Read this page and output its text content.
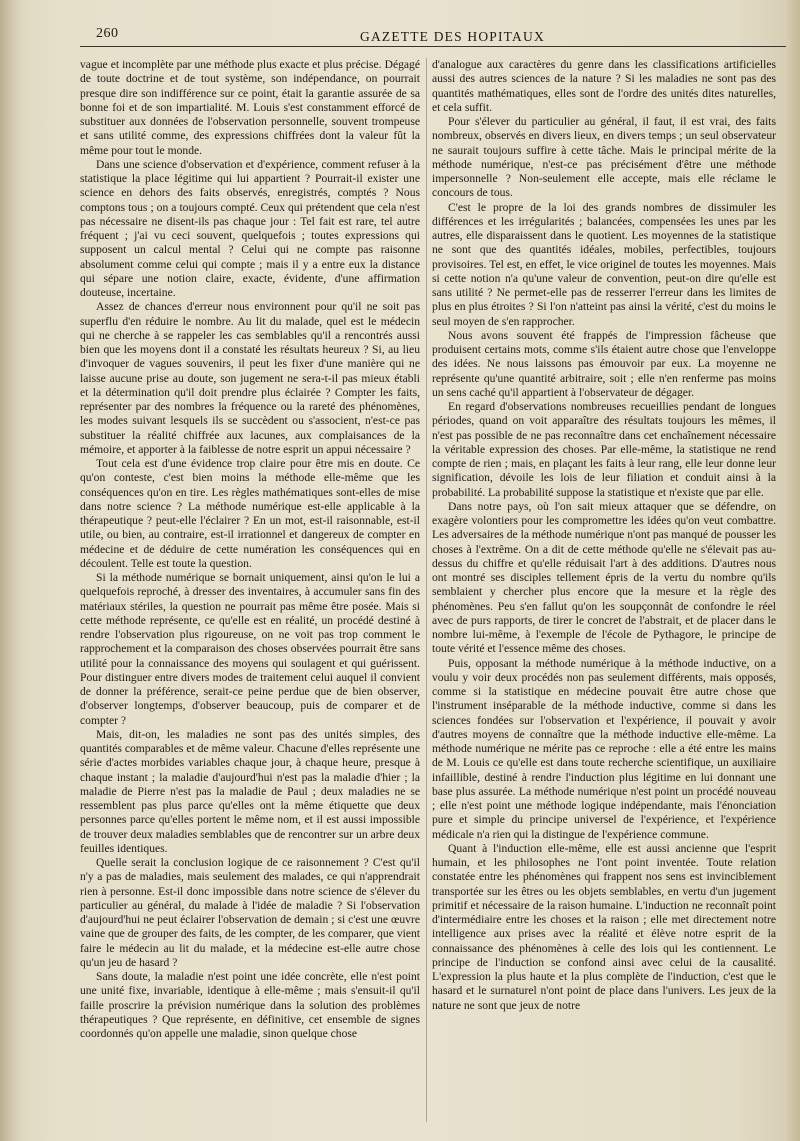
260	GAZETTE DES HOPITAUX

vague et incomplète par une méthode plus exacte et plus précise. Dégagé de toute doctrine et de tout système, son indépendance, on pourrait presque dire son indifférence sur ce point, était la garantie assurée de sa bonne foi et de son impartialité. M. Louis s'est constamment efforcé de substituer aux données de l'observation personnelle, souvent trompeuse et sans utilité comme, des expressions chiffrées dont la valeur fût la même pour tout le monde.

Dans une science d'observation et d'expérience, comment refuser à la statistique la place légitime qui lui appartient ? Pourrait-il exister une science en dehors des faits observés, enregistrés, comptés ? Nous comptons tous ; on a toujours compté. Ceux qui prétendent que cela n'est pas nécessaire ne disent-ils pas chaque jour : Tel fait est rare, tel autre fréquent ; j'ai vu ceci souvent, quelquefois ; toutes expressions qui supposent un calcul mental ? Celui qui ne compte pas raisonne absolument comme celui qui compte ; mais il y a entre eux la distance qui sépare une notion claire, exacte, évidente, d'une affirmation douteuse, incertaine.

Assez de chances d'erreur nous environnent pour qu'il ne soit pas superflu d'en réduire le nombre. Au lit du malade, quel est le médecin qui ne cherche à se rappeler les cas semblables qu'il a rencontrés aussi bien que les moyens dont il a constaté les résultats heureux ? Si, au lieu d'invoquer de vagues souvenirs, il peut les fixer d'une manière qui ne laisse aucune prise au doute, son jugement ne sera-t-il pas mieux établi et la détermination qu'il doit prendre plus éclairée ? Compter les faits, représenter par des nombres la fréquence ou la rareté des phénomènes, les modes suivant lesquels ils se succèdent ou s'associent, n'est-ce pas substituer la réalité chiffrée aux lacunes, aux complaisances de la mémoire, et apporter à la faiblesse de notre esprit un appui nécessaire ?

Tout cela est d'une évidence trop claire pour être mis en doute. Ce qu'on conteste, c'est bien moins la méthode elle-même que les conséquences qu'on en tire. Les règles mathématiques sont-elles de mise dans notre science ? La méthode numérique est-elle applicable à la thérapeutique ? peut-elle l'éclairer ? En un mot, est-il raisonnable, est-il utile, ou bien, au contraire, est-il irrationnel et dangereux de compter en médecine et de déduire de cette numération les conséquences qui en découlent. Telle est toute la question.

Si la méthode numérique se bornait uniquement, ainsi qu'on le lui a quelquefois reproché, à dresser des inventaires, à accumuler sans fin des matériaux stériles, la question ne pourrait pas même être posée. Mais si cette méthode représente, ce qu'elle est en réalité, un procédé destiné à rendre l'observation plus rigoureuse, on ne voit pas trop comment le rapprochement et la comparaison des choses observées pourrait être sans utilité pour la connaissance des moyens qui soulagent et qui guérissent. Pour distinguer entre divers modes de traitement celui auquel il convient de donner la préférence, serait-ce peine perdue que de bien observer, d'observer longtemps, d'observer beaucoup, puis de comparer et de compter ?

Mais, dit-on, les maladies ne sont pas des unités simples, des quantités comparables et de même valeur. Chacune d'elles représente une série d'actes morbides variables chaque jour, à chaque heure, presque à chaque instant ; la maladie d'aujourd'hui n'est pas la maladie d'hier ; la maladie de Pierre n'est pas la maladie de Paul ; deux maladies ne se ressemblent pas plus parce qu'elles ont la même étiquette que deux personnes parce qu'elles portent le même nom, et il est aussi impossible de trouver deux maladies semblables que de rencontrer sur un arbre deux feuilles identiques.

Quelle serait la conclusion logique de ce raisonnement ? C'est qu'il n'y a pas de maladies, mais seulement des malades, ce qui n'apprendrait rien à personne. Est-il donc impossible dans notre science de s'élever du particulier au général, du malade à l'idée de maladie ? Si l'observation d'aujourd'hui ne peut éclairer l'observation de demain ; si c'est une œuvre vaine que de grouper des faits, de les compter, de les comparer, que vient faire le médecin au lit du malade, et la médecine est-elle autre chose qu'un jeu de hasard ?

Sans doute, la maladie n'est point une idée concrète, elle n'est point une unité fixe, invariable, identique à elle-même ; mais s'ensuit-il qu'il faille proscrire la prévision numérique dans la solution des problèmes thérapeutiques ? Que représente, en définitive, cet ensemble de signes coordonnés qu'on appelle une maladie, sinon quelque chose

d'analogue aux caractères du genre dans les classifications artificielles aussi des autres sciences de la nature ? Si les maladies ne sont pas des quantités mathématiques, elles sont de l'ordre des unités dites naturelles, et cela suffit.

Pour s'élever du particulier au général, il faut, il est vrai, des faits nombreux, observés en divers lieux, en divers temps ; un seul observateur ne saurait toujours suffire à cette tâche. Mais le principal mérite de la méthode numérique, n'est-ce pas précisément d'être une méthode impersonnelle ? Non-seulement elle accepte, mais elle réclame le concours de tous.

C'est le propre de la loi des grands nombres de dissimuler les différences et les irrégularités ; balancées, compensées les unes par les autres, elle disparaissent dans le quotient. Les moyennes de la statistique ne sont que des quantités idéales, mobiles, perfectibles, toujours provisoires. Tel est, en effet, le vice originel de toutes les moyennes. Mais si cette notion n'a qu'une valeur de convention, peut-on dire qu'elle est sans utilité ? Ne permet-elle pas de resserrer l'erreur dans les limites de plus en plus étroites ? Si l'on n'atteint pas ainsi la vérité, c'est du moins le seul moyen de s'en rapprocher.

Nous avons souvent été frappés de l'impression fâcheuse que produisent certains mots, comme s'ils étaient autre chose que l'enveloppe des idées. Ne nous laissons pas émouvoir par eux. La moyenne ne représente qu'une quantité arbitraire, soit ; elle n'en renferme pas moins un sens caché qu'il appartient à l'observateur de dégager.

En regard d'observations nombreuses recueillies pendant de longues périodes, quand on voit apparaître des résultats toujours les mêmes, il n'est pas possible de ne pas reconnaître dans cet enchaînement nécessaire la véritable expression des choses. Par elle-même, la statistique ne rend compte de rien ; mais, en plaçant les faits à leur rang, elle leur donne leur signification, dévoile les lois de leur filiation et conduit ainsi à la probabilité. La probabilité suppose la statistique et n'existe que par elle.

Dans notre pays, où l'on sait mieux attaquer que se défendre, on exagère volontiers pour les compromettre les idées qu'on veut combattre. Les adversaires de la méthode numérique n'ont pas manqué de pousser les choses à l'extrême. On a dit de cette méthode qu'elle ne s'élevait pas au-dessus du chiffre et qu'elle réduisait l'art à des additions. D'autres nous ont montré ses disciples tellement épris de la vertu du nombre qu'ils semblaient y chercher plus encore que la mesure et la règle des phénomènes. Peu s'en fallut qu'on les soupçonnât de confondre le réel avec de purs rapports, de tirer le concret de l'abstrait, et de placer dans le nombre lui-même, à l'exemple de l'école de Pythagore, le principe de toute vérité et l'essence même des choses.

Puis, opposant la méthode numérique à la méthode inductive, on a voulu y voir deux procédés non pas seulement différents, mais opposés, comme si la statistique en médecine pouvait être autre chose que l'instrument inséparable de la méthode inductive, comme si dans les sciences fondées sur l'observation et l'expérience, il pouvait y avoir d'autres moyens de connaître que la méthode inductive elle-même. La méthode numérique ne mérite pas ce reproche : elle a été entre les mains de M. Louis ce qu'elle est dans toute recherche scientifique, un auxiliaire infaillible, destiné à rendre l'induction plus légitime en lui donnant une base plus assurée. La méthode numérique n'est point un procédé nouveau ; elle n'est point une méthode logique indépendante, mais l'énonciation pure et simple du principe universel de l'expérience, et l'expérience médicale n'a rien qui la distingue de l'expérience commune.

Quant à l'induction elle-même, elle est aussi ancienne que l'esprit humain, et les philosophes ne l'ont point inventée. Toute relation constatée entre les phénomènes qui frappent nos sens est invinciblement transportée sur les êtres ou les objets semblables, en vertu d'un jugement primitif et nécessaire de la raison humaine. L'induction ne reconnaît point d'intermédiaire entre les choses et la raison ; elle met directement notre intelligence aux prises avec la réalité et élève notre esprit de la connaissance des phénomènes à celle des lois qui les contiennent. Le principe de l'induction se confond ainsi avec celui de la causalité. L'expression la plus haute et la plus complète de l'induction, c'est que le hasard et le surnaturel n'ont point de place dans l'univers. Les jeux de la nature ne sont que jeux de notre
